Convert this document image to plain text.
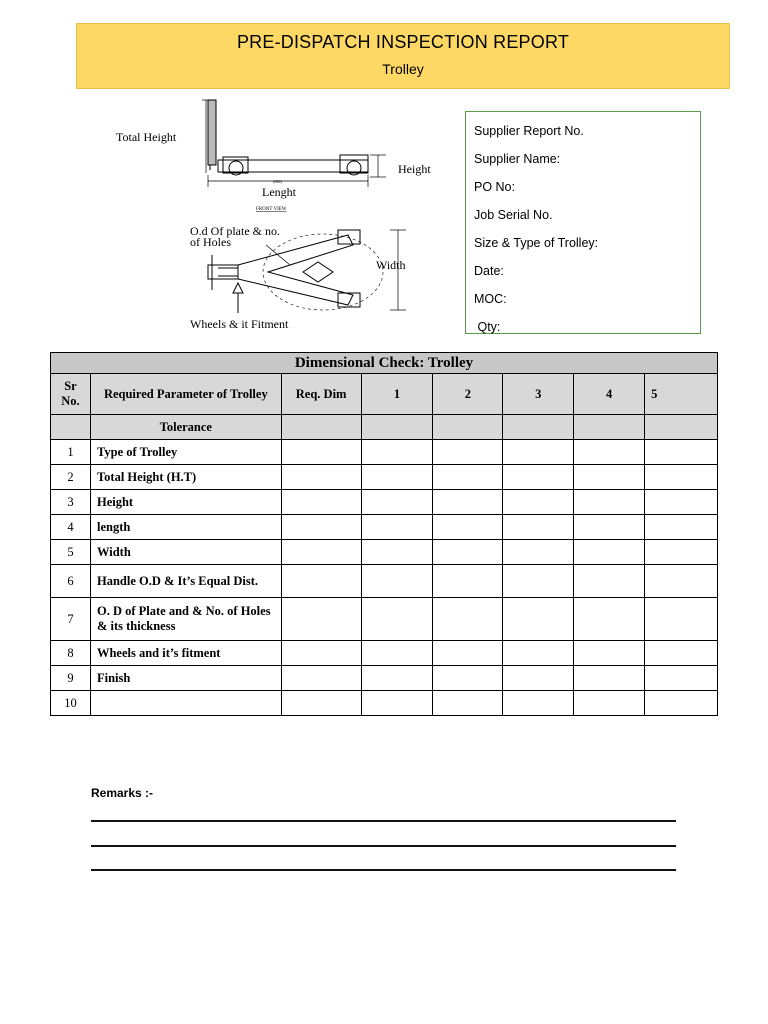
PRE-DISPATCH INSPECTION REPORT
Trolley
Total Height
Height
Lenght
(666)
FRONT VIEW
O.d Of plate & no.
of Holes
Width
Wheels & it Fitment
Supplier Report No.
Supplier Name:
PO No:
Job Serial No.
Size & Type of Trolley:
Date:
MOC:
Qty:
Dimensional Check: Trolley							
Sr No.	Required Parameter of Trolley	Req. Dim	1	2	3	4	5
	Tolerance						
1	Type of Trolley						
2	Total Height (H.T)						
3	Height						
4	length						
5	Width						
6	Handle O.D & It’s Equal Dist.						
7	O. D of Plate and & No. of Holes & its thickness						
8	Wheels and it’s fitment						
9	Finish						
10							
Remarks :-
